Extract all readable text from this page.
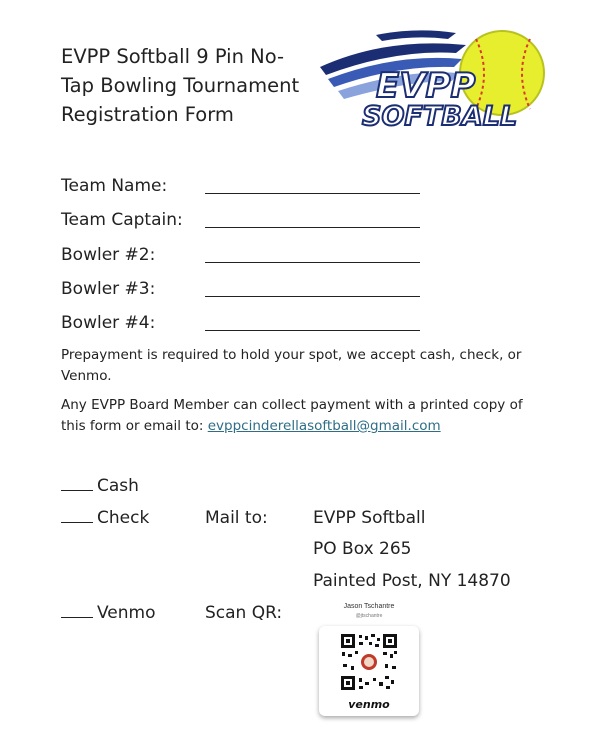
EVPP Softball 9 Pin No-Tap Bowling Tournament Registration Form
EVPP
SOFTBALL
Team Name:
Team Captain:
Bowler #2:
Bowler #3:
Bowler #4:
Prepayment is required to hold your spot, we accept cash, check, or Venmo.
Any EVPP Board Member can collect payment with a printed copy of this form or email to: evppcinderellasoftball@gmail.com
Cash
Check	Mail to:	EVPP Softball
PO Box 265
Painted Post, NY 14870
Venmo	Scan QR:	Jason Tschantre
@jtschantre
venmo
